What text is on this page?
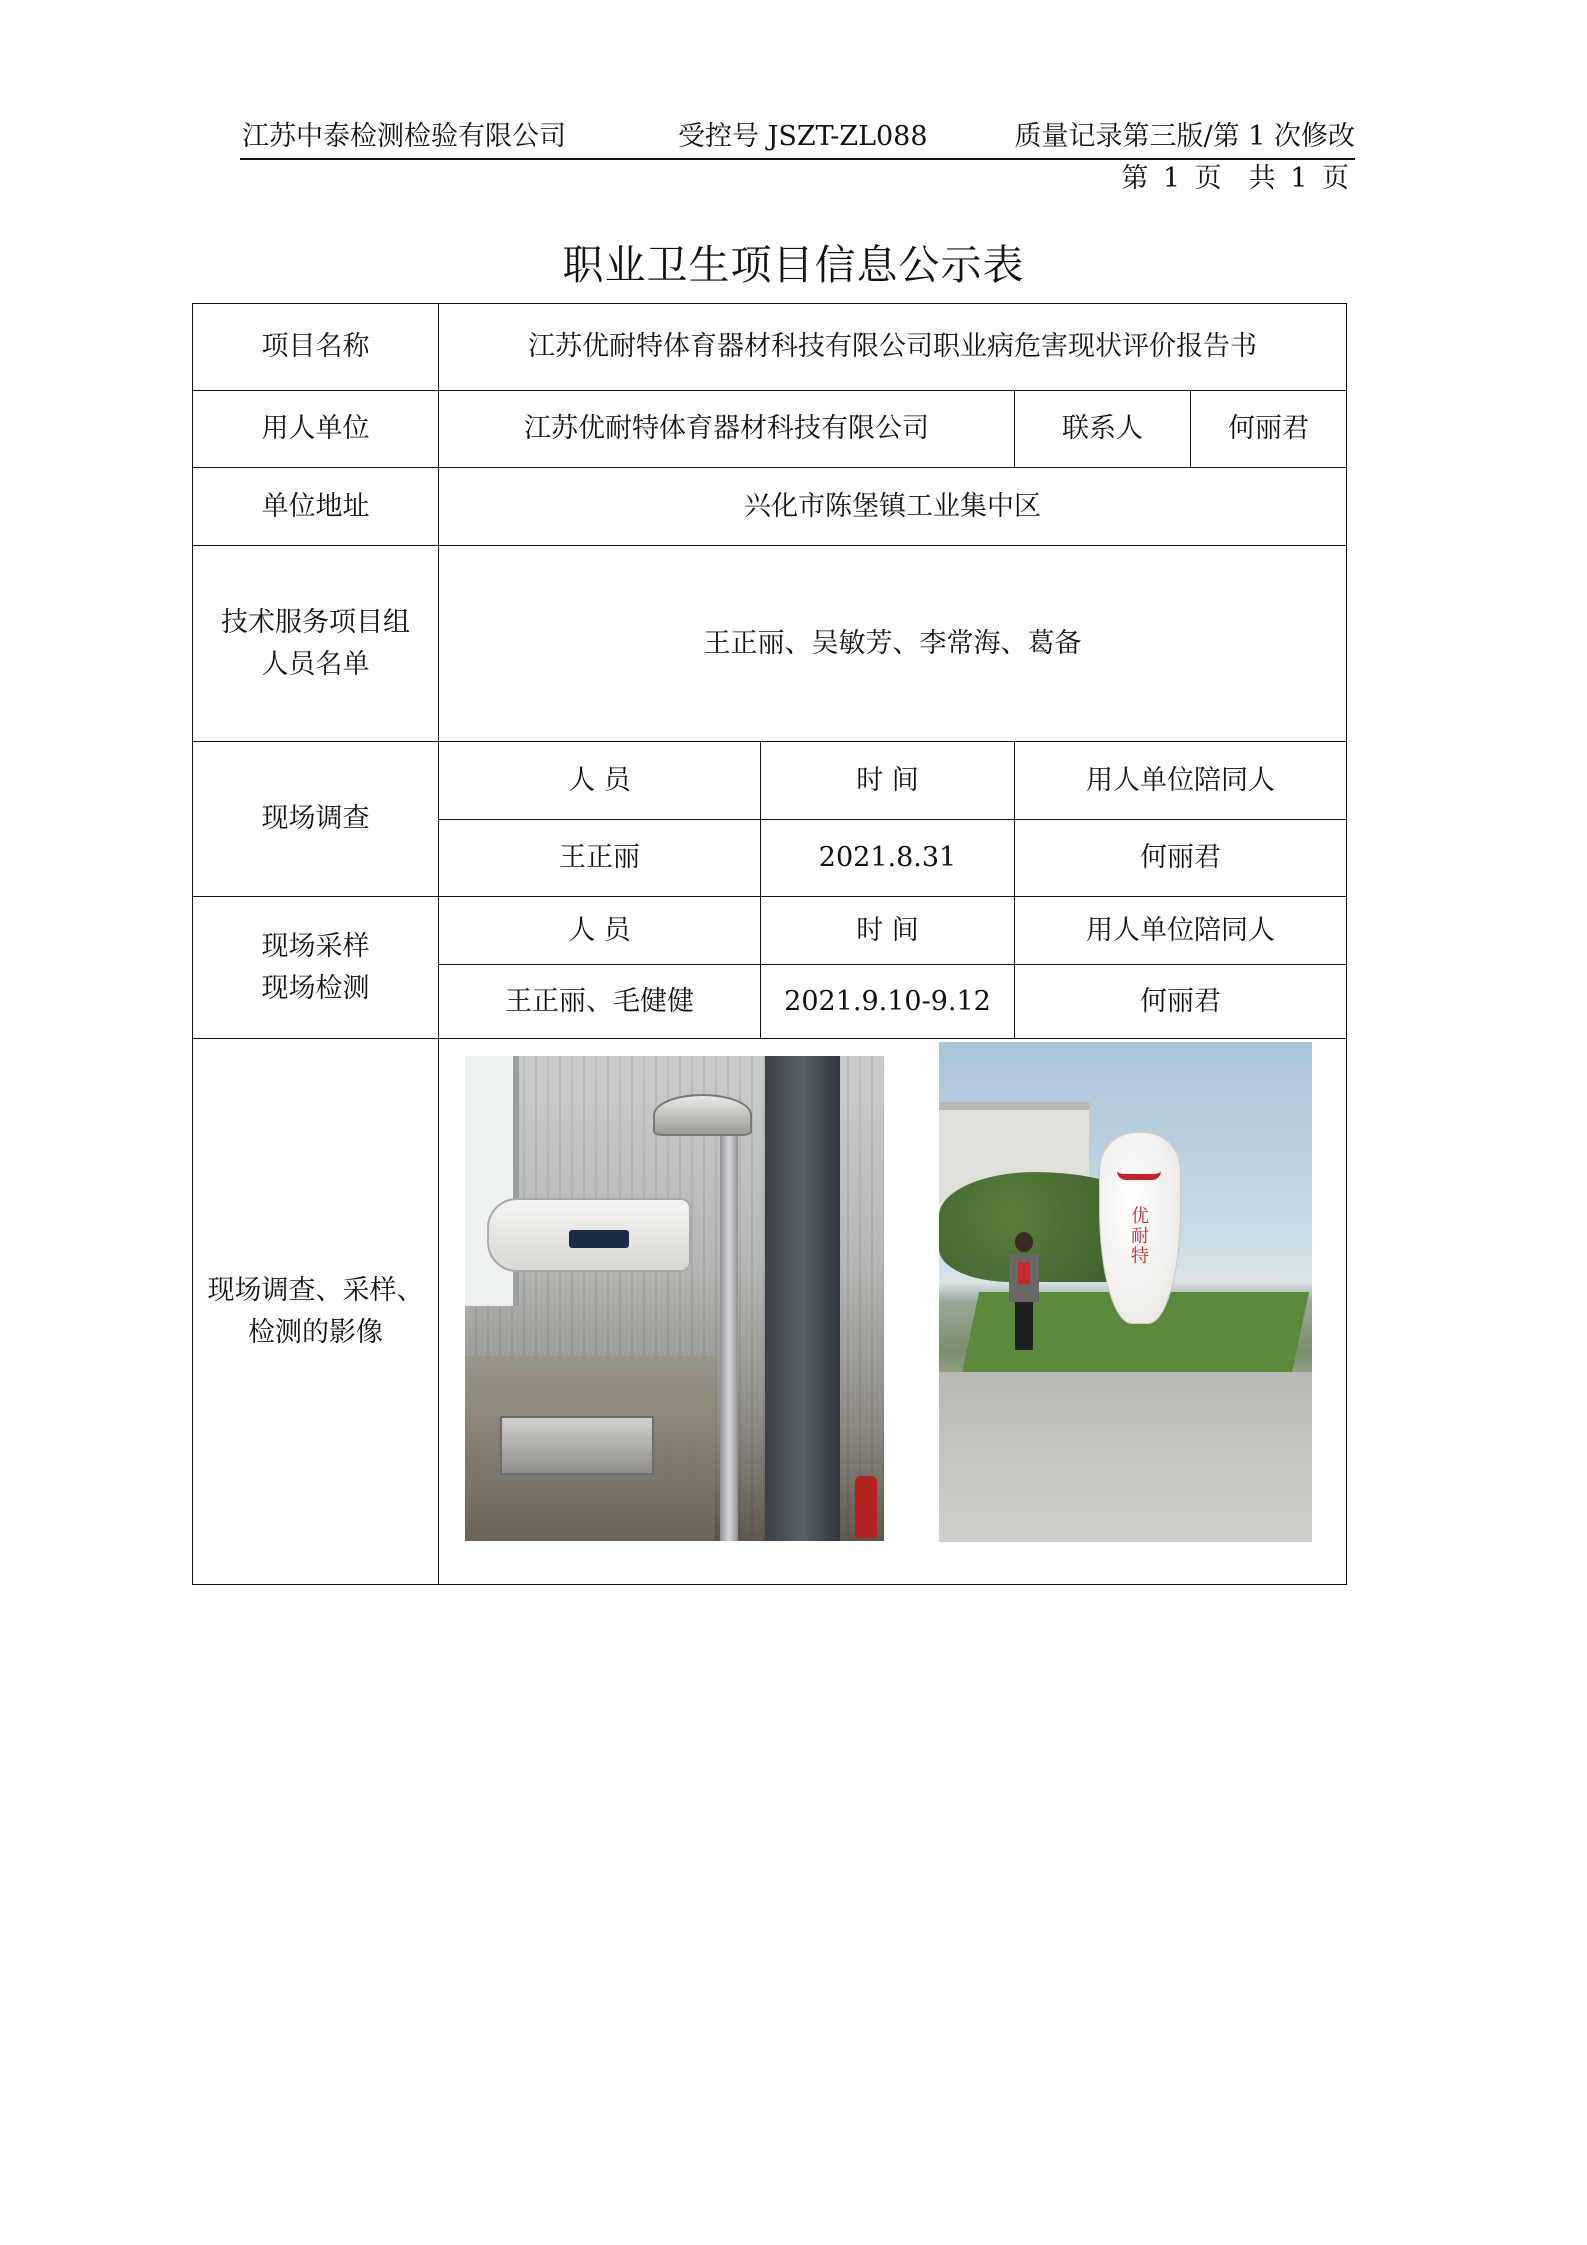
江苏中泰检测检验有限公司	受控号 JSZT-ZL088	质量记录第三版/第 1 次修改
第 1 页　共 1 页
职业卫生项目信息公示表
项目名称	江苏优耐特体育器材科技有限公司职业病危害现状评价报告书			
用人单位	江苏优耐特体育器材科技有限公司		联系人	何丽君
单位地址	兴化市陈堡镇工业集中区			

技术服务项目组
人员名单	王正丽、吴敏芳、李常海、葛备			
现场调查	人 员	时 间	用人单位陪同人	
	王正丽	2021.8.31	何丽君	

现场采样
现场检测	人 员	时 间	用人单位陪同人	
	王正丽、毛健健	2021.9.10-9.12	何丽君	

现场调查、采样、
检测的影像	优耐特			
